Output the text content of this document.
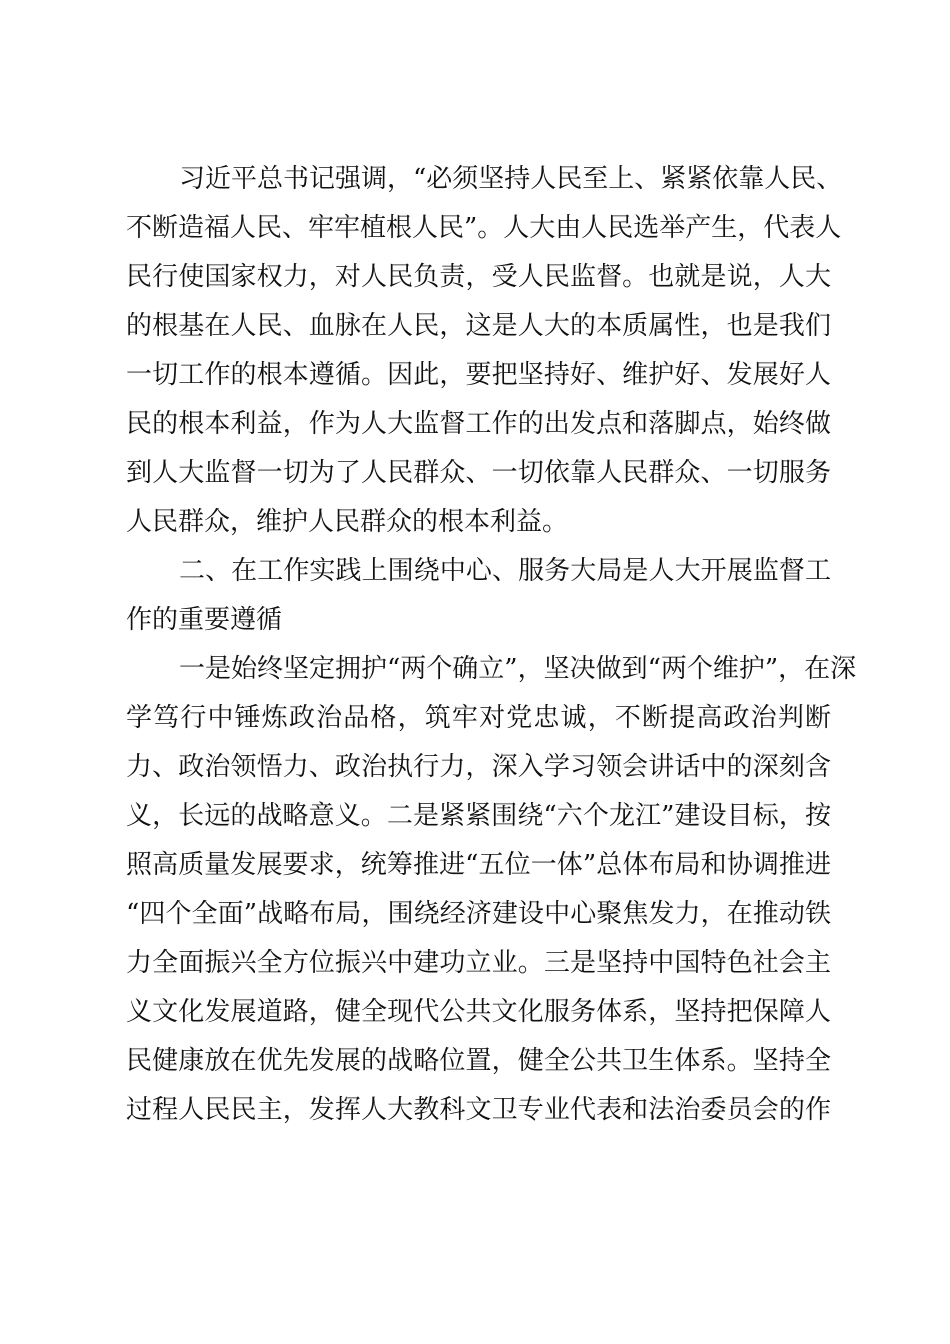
习近平总书记强调，“必须坚持人民至上、紧紧依靠人民、
不断造福人民、牢牢植根人民”。人大由人民选举产生，代表人
民行使国家权力，对人民负责，受人民监督。也就是说，人大
的根基在人民、血脉在人民，这是人大的本质属性，也是我们
一切工作的根本遵循。因此，要把坚持好、维护好、发展好人
民的根本利益，作为人大监督工作的出发点和落脚点，始终做
到人大监督一切为了人民群众、一切依靠人民群众、一切服务
人民群众，维护人民群众的根本利益。
二、在工作实践上围绕中心、服务大局是人大开展监督工
作的重要遵循
一是始终坚定拥护“两个确立”，坚决做到“两个维护”，在深
学笃行中锤炼政治品格，筑牢对党忠诚，不断提高政治判断
力、政治领悟力、政治执行力，深入学习领会讲话中的深刻含
义，长远的战略意义。二是紧紧围绕“六个龙江”建设目标，按
照高质量发展要求，统筹推进“五位一体”总体布局和协调推进
“四个全面”战略布局，围绕经济建设中心聚焦发力，在推动铁
力全面振兴全方位振兴中建功立业。三是坚持中国特色社会主
义文化发展道路，健全现代公共文化服务体系，坚持把保障人
民健康放在优先发展的战略位置，健全公共卫生体系。坚持全
过程人民民主，发挥人大教科文卫专业代表和法治委员会的作
